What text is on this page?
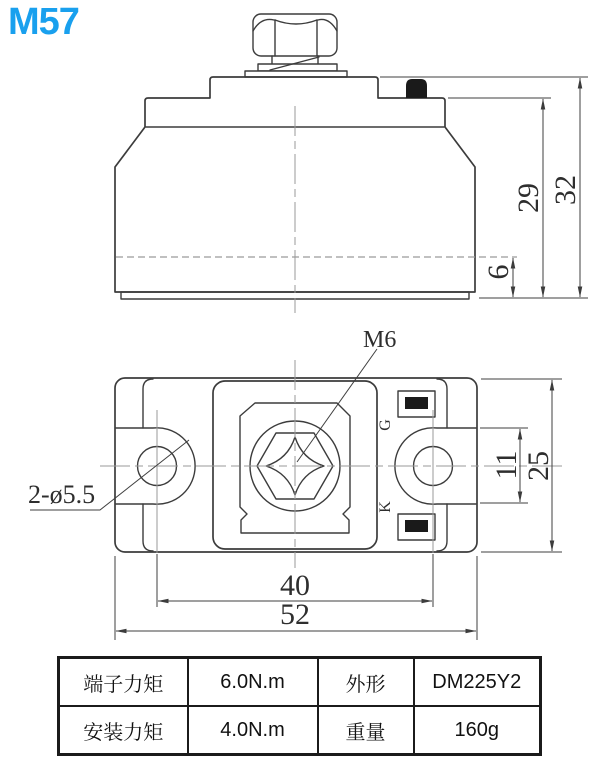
M57
29 32
6
M6
2-ø5.5
G
K
11 25
40
52
端子力矩	6.0N.m	外形	DM225Y2
安装力矩	4.0N.m	重量	160g
